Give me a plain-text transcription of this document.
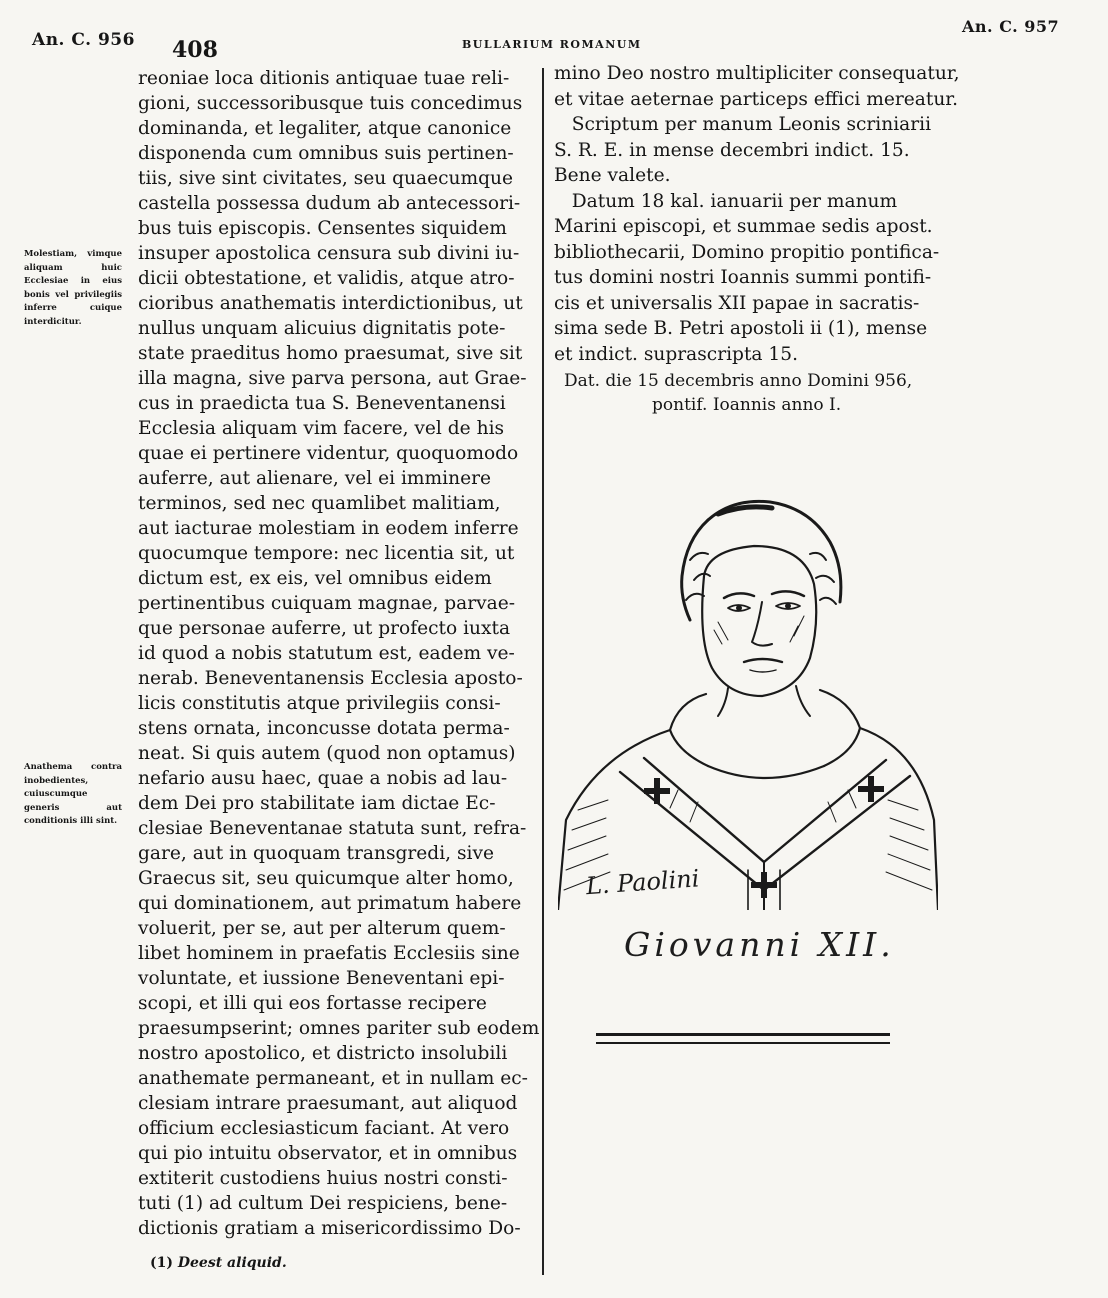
An. C. 956 408	BULLARIUM ROMANUM
An. C. 957
Molestiam, vimque aliquam huic Ecclesiae in eius bonis vel privilegiis inferre cuique interdicitur.
Anathema contra inobedientes, cuiuscumque generis aut conditionis illi sint.
reoniae loca ditionis antiquae tuae reli-
gioni, successoribusque tuis concedimus
dominanda, et legaliter, atque canonice
disponenda cum omnibus suis pertinen-
tiis, sive sint civitates, seu quaecumque
castella possessa dudum ab antecessori-
bus tuis episcopis. Censentes siquidem
insuper apostolica censura sub divini iu-
dicii obtestatione, et validis, atque atro-
cioribus anathematis interdictionibus, ut
nullus unquam alicuius dignitatis pote-
state praeditus homo praesumat, sive sit
illa magna, sive parva persona, aut Grae-
cus in praedicta tua S. Beneventanensi
Ecclesia aliquam vim facere, vel de his
quae ei pertinere videntur, quoquomodo
auferre, aut alienare, vel ei imminere
terminos, sed nec quamlibet malitiam,
aut iacturae molestiam in eodem inferre
quocumque tempore: nec licentia sit, ut
dictum est, ex eis, vel omnibus eidem
pertinentibus cuiquam magnae, parvae-
que personae auferre, ut profecto iuxta
id quod a nobis statutum est, eadem ve-
nerab. Beneventanensis Ecclesia aposto-
licis constitutis atque privilegiis consi-
stens ornata, inconcusse dotata perma-
neat. Si quis autem (quod non optamus)
nefario ausu haec, quae a nobis ad lau-
dem Dei pro stabilitate iam dictae Ec-
clesiae Beneventanae statuta sunt, refra-
gare, aut in quoquam transgredi, sive
Graecus sit, seu quicumque alter homo,
qui dominationem, aut primatum habere
voluerit, per se, aut per alterum quem-
libet hominem in praefatis Ecclesiis sine
voluntate, et iussione Beneventani epi-
scopi, et illi qui eos fortasse recipere
praesumpserint; omnes pariter sub eodem
nostro apostolico, et districto insolubili
anathemate permaneant, et in nullam ec-
clesiam intrare praesumant, aut aliquod
officium ecclesiasticum faciant. At vero
qui pio intuitu observator, et in omnibus
extiterit custodiens huius nostri consti-
tuti (1) ad cultum Dei respiciens, bene-
dictionis gratiam a misericordissimo Do-
mino Deo nostro multipliciter consequatur,
et vitae aeternae particeps effici mereatur.
Scriptum per manum Leonis scriniarii
S. R. E. in mense decembri indict. 15.
Bene valete.
Datum 18 kal. ianuarii per manum
Marini episcopi, et summae sedis apost.
bibliothecarii, Domino propitio pontifica-
tus domini nostri Ioannis summi pontifi-
cis et universalis XII papae in sacratis-
sima sede B. Petri apostoli ii (1), mense
et indict. suprascripta 15.
Dat. die 15 decembris anno Domini 956,
pontif. Ioannis anno I.
L. Paolini
Giovanni XII.
(1) Deest aliquid.
